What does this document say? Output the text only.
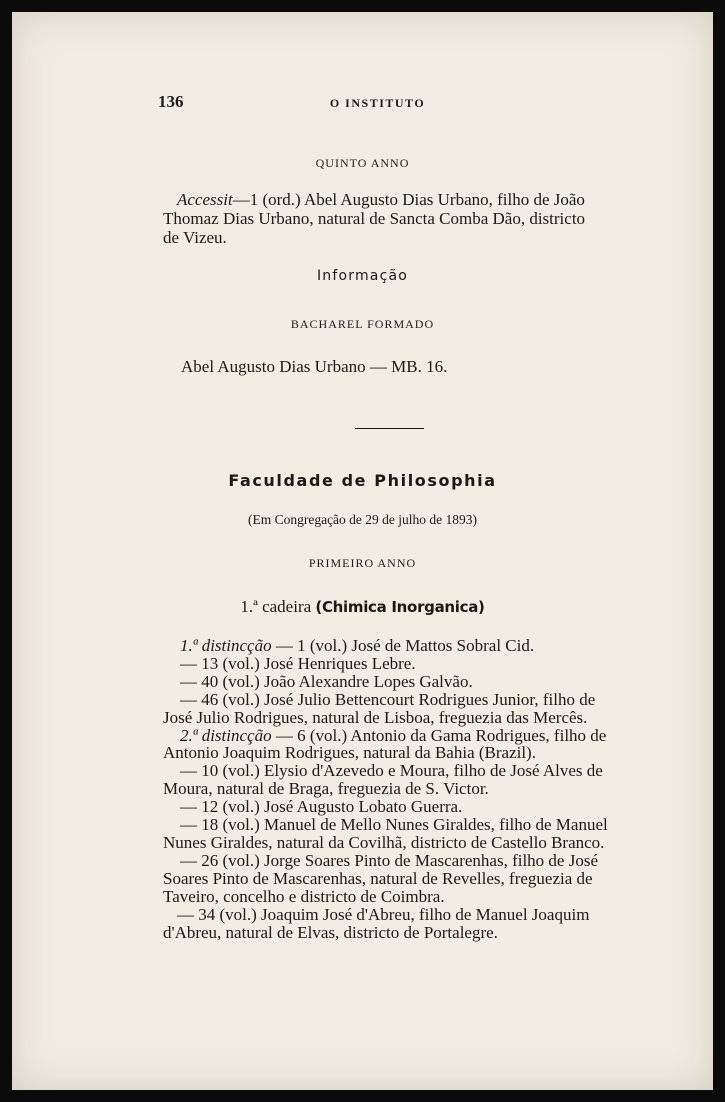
136	O INSTITUTO
QUINTO ANNO
Accessit—1 (ord.) Abel Augusto Dias Urbano, filho de João
Thomaz Dias Urbano, natural de Sancta Comba Dão, districto
de Vizeu.
Informação
BACHAREL FORMADO
Abel Augusto Dias Urbano — MB. 16.
Faculdade de Philosophia
(Em Congregação de 29 de julho de 1893)
PRIMEIRO ANNO
1.ª cadeira (Chimica Inorganica)
1.ª distincção — 1 (vol.) José de Mattos Sobral Cid.
— 13 (vol.) José Henriques Lebre.
— 40 (vol.) João Alexandre Lopes Galvão.
— 46 (vol.) José Julio Bettencourt Rodrigues Junior, filho de
José Julio Rodrigues, natural de Lisboa, freguezia das Mercês.
2.ª distincção — 6 (vol.) Antonio da Gama Rodrigues, filho de
Antonio Joaquim Rodrigues, natural da Bahia (Brazil).
— 10 (vol.) Elysio d'Azevedo e Moura, filho de José Alves de
Moura, natural de Braga, freguezia de S. Victor.
— 12 (vol.) José Augusto Lobato Guerra.
— 18 (vol.) Manuel de Mello Nunes Giraldes, filho de Manuel
Nunes Giraldes, natural da Covilhã, districto de Castello Branco.
— 26 (vol.) Jorge Soares Pinto de Mascarenhas, filho de José
Soares Pinto de Mascarenhas, natural de Revelles, freguezia de
Taveiro, concelho e districto de Coimbra.
— 34 (vol.) Joaquim José d'Abreu, filho de Manuel Joaquim
d'Abreu, natural de Elvas, districto de Portalegre.
